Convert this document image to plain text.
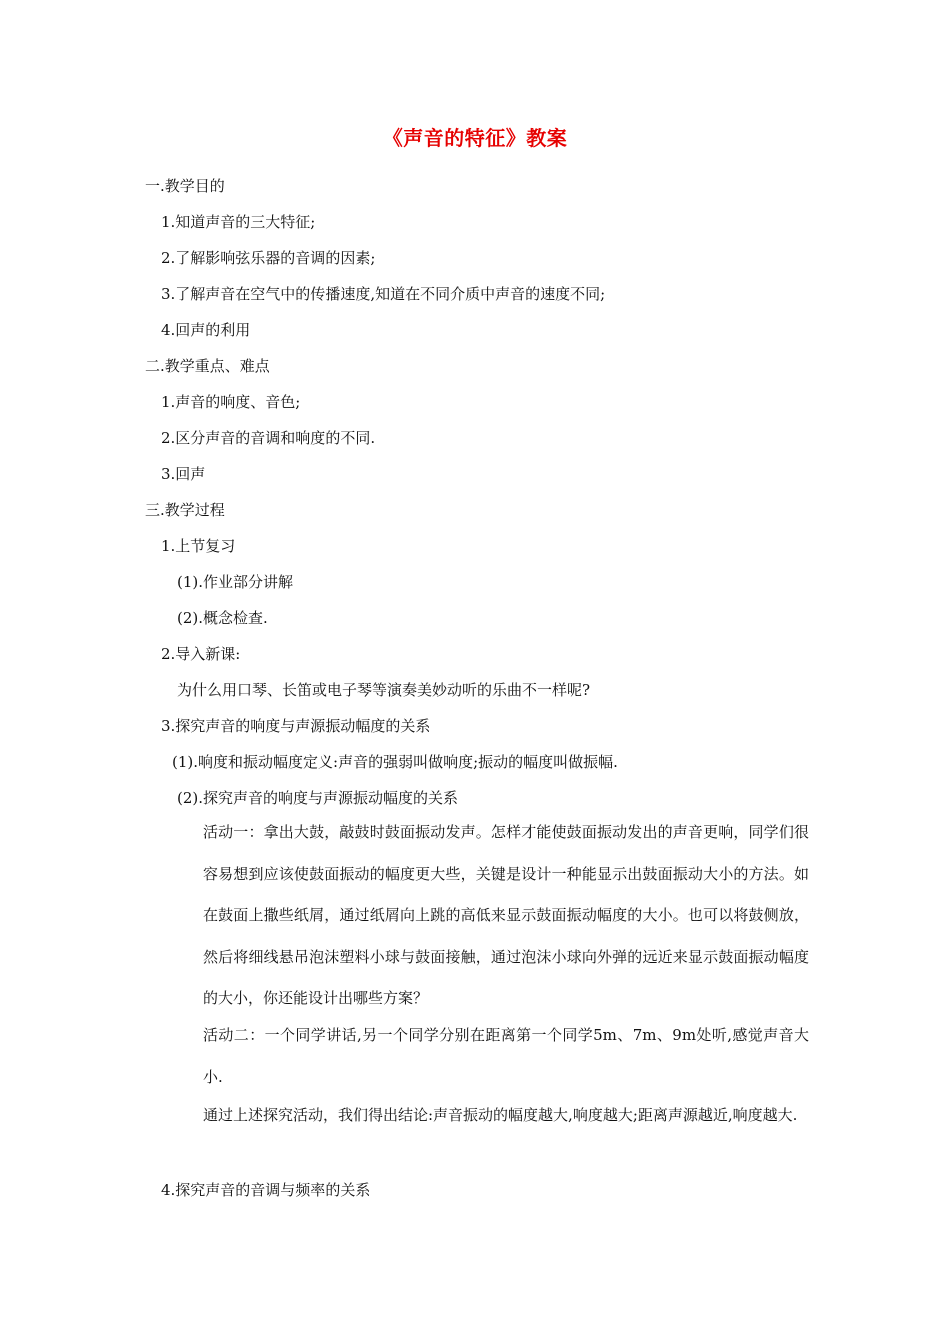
《声音的特征》教案
一.教学目的
1.知道声音的三大特征;
2.了解影响弦乐器的音调的因素;
3.了解声音在空气中的传播速度,知道在不同介质中声音的速度不同;
4.回声的利用
二.教学重点、难点
1.声音的响度、音色;
2.区分声音的音调和响度的不同.
3.回声
三.教学过程
1.上节复习
(1).作业部分讲解
(2).概念检查.
2.导入新课:
为什么用口琴、长笛或电子琴等演奏美妙动听的乐曲不一样呢?
3.探究声音的响度与声源振动幅度的关系
(1).响度和振动幅度定义:声音的强弱叫做响度;振动的幅度叫做振幅.
(2).探究声音的响度与声源振动幅度的关系
活动一：拿出大鼓，敲鼓时鼓面振动发声。怎样才能使鼓面振动发出的声音更响，同学们很容易想到应该使鼓面振动的幅度更大些，关键是设计一种能显示出鼓面振动大小的方法。如在鼓面上撒些纸屑，通过纸屑向上跳的高低来显示鼓面振动幅度的大小。也可以将鼓侧放，然后将细线悬吊泡沫塑料小球与鼓面接触，通过泡沫小球向外弹的远近来显示鼓面振动幅度的大小，你还能设计出哪些方案？
活动二：一个同学讲话,另一个同学分别在距离第一个同学5m、7m、9m处听,感觉声音大小.
通过上述探究活动，我们得出结论:声音振动的幅度越大,响度越大;距离声源越近,响度越大.
4.探究声音的音调与频率的关系
